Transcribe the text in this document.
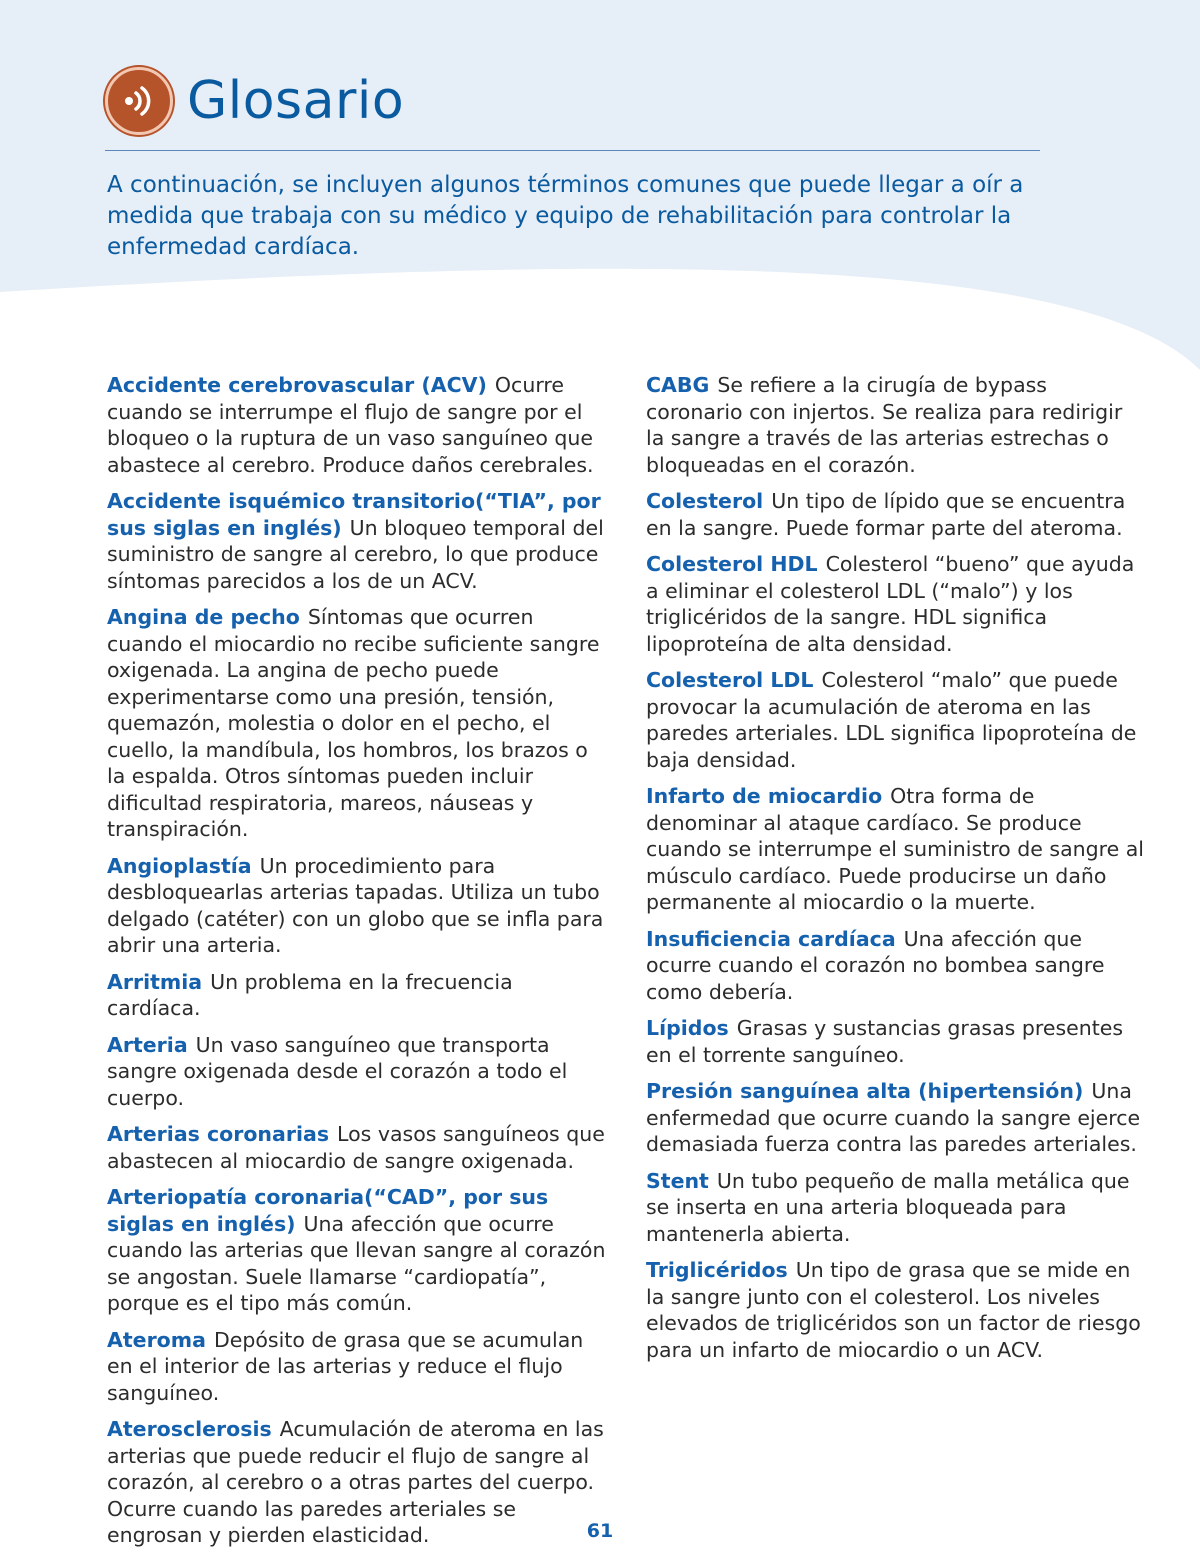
Glosario

A continuación, se incluyen algunos términos comunes que puede llegar a oír a medida que trabaja con su médico y equipo de rehabilitación para controlar la enfermedad cardíaca.

Accidente cerebrovascular (ACV) Ocurre cuando se interrumpe el flujo de sangre por el bloqueo o la ruptura de un vaso sanguíneo que abastece al cerebro. Produce daños cerebrales.

Accidente isquémico transitorio(“TIA”, por sus siglas en inglés) Un bloqueo temporal del suministro de sangre al cerebro, lo que produce síntomas parecidos a los de un ACV.

Angina de pecho Síntomas que ocurren cuando el miocardio no recibe suficiente sangre oxigenada. La angina de pecho puede experimentarse como una presión, tensión, quemazón, molestia o dolor en el pecho, el cuello, la mandíbula, los hombros, los brazos o la espalda. Otros síntomas pueden incluir dificultad respiratoria, mareos, náuseas y transpiración.

Angioplastía Un procedimiento para desbloquearlas arterias tapadas. Utiliza un tubo delgado (catéter) con un globo que se infla para abrir una arteria.

Arritmia Un problema en la frecuencia cardíaca.

Arteria Un vaso sanguíneo que transporta sangre oxigenada desde el corazón a todo el cuerpo.

Arterias coronarias Los vasos sanguíneos que abastecen al miocardio de sangre oxigenada.

Arteriopatía coronaria(“CAD”, por sus siglas en inglés) Una afección que ocurre cuando las arterias que llevan sangre al corazón se angostan. Suele llamarse “cardiopatía”, porque es el tipo más común.

Ateroma Depósito de grasa que se acumulan en el interior de las arterias y reduce el flujo sanguíneo.

Aterosclerosis Acumulación de ateroma en las arterias que puede reducir el flujo de sangre al corazón, al cerebro o a otras partes del cuerpo. Ocurre cuando las paredes arteriales se engrosan y pierden elasticidad.

CABG Se refiere a la cirugía de bypass coronario con injertos. Se realiza para redirigir la sangre a través de las arterias estrechas o bloqueadas en el corazón.

Colesterol Un tipo de lípido que se encuentra en la sangre. Puede formar parte del ateroma.

Colesterol HDL Colesterol “bueno” que ayuda a eliminar el colesterol LDL (“malo”) y los triglicéridos de la sangre. HDL significa lipoproteína de alta densidad.

Colesterol LDL Colesterol “malo” que puede provocar la acumulación de ateroma en las paredes arteriales. LDL significa lipoproteína de baja densidad.

Infarto de miocardio Otra forma de denominar al ataque cardíaco. Se produce cuando se interrumpe el suministro de sangre al músculo cardíaco. Puede producirse un daño permanente al miocardio o la muerte.

Insuficiencia cardíaca Una afección que ocurre cuando el corazón no bombea sangre como debería.

Lípidos Grasas y sustancias grasas presentes en el torrente sanguíneo.

Presión sanguínea alta (hipertensión) Una enfermedad que ocurre cuando la sangre ejerce demasiada fuerza contra las paredes arteriales.

Stent Un tubo pequeño de malla metálica que se inserta en una arteria bloqueada para mantenerla abierta.

Triglicéridos Un tipo de grasa que se mide en la sangre junto con el colesterol. Los niveles elevados de triglicéridos son un factor de riesgo para un infarto de miocardio o un ACV.

61
